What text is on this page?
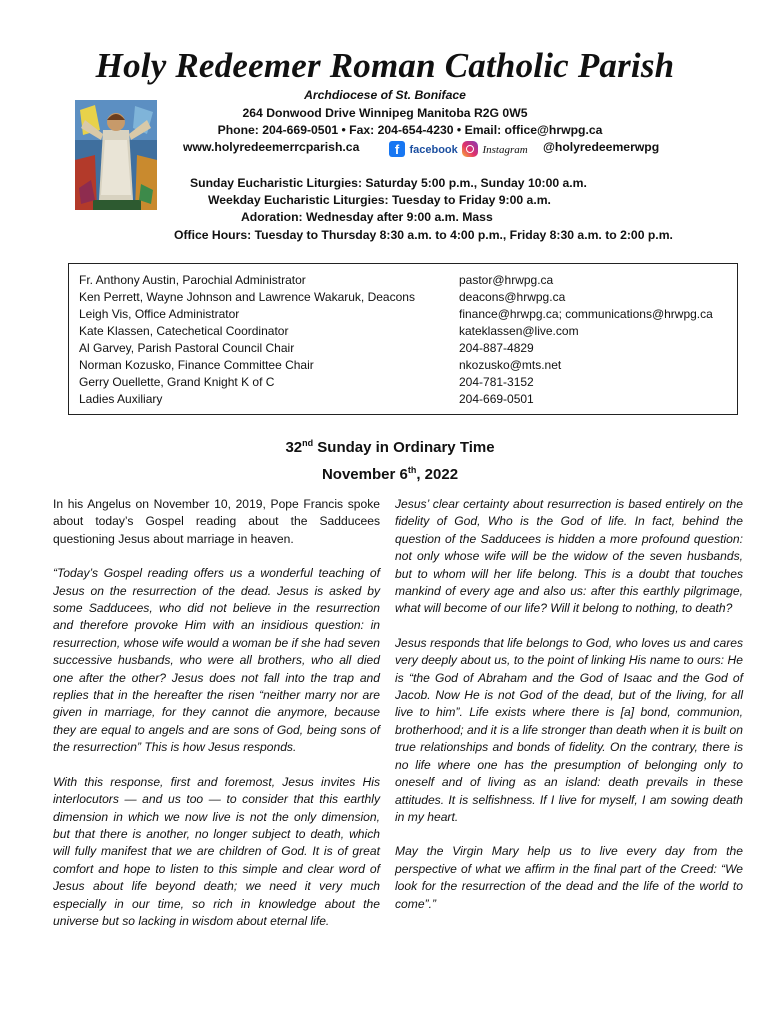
Holy Redeemer Roman Catholic Parish
Archdiocese of St. Boniface
264 Donwood Drive Winnipeg Manitoba R2G 0W5
Phone: 204-669-0501 • Fax: 204-654-4230 • Email: office@hrwpg.ca
www.holyredeemerrcparish.ca	f facebook	Instagram @holyredeemerwpg
Sunday Eucharistic Liturgies: Saturday 5:00 p.m., Sunday 10:00 a.m.
Weekday Eucharistic Liturgies: Tuesday to Friday 9:00 a.m.
Adoration: Wednesday after 9:00 a.m. Mass
Office Hours: Tuesday to Thursday 8:30 a.m. to 4:00 p.m., Friday 8:30 a.m. to 2:00 p.m.
Fr. Anthony Austin, Parochial Administrator	pastor@hrwpg.ca
Ken Perrett, Wayne Johnson and Lawrence Wakaruk, Deacons	deacons@hrwpg.ca
Leigh Vis, Office Administrator	finance@hrwpg.ca; communications@hrwpg.ca
Kate Klassen, Catechetical Coordinator	kateklassen@live.com
Al Garvey, Parish Pastoral Council Chair	204-887-4829
Norman Kozusko, Finance Committee Chair	nkozusko@mts.net
Gerry Ouellette, Grand Knight K of C	204-781-3152
Ladies Auxiliary	204-669-0501
32nd Sunday in Ordinary Time
November 6th, 2022

In his Angelus on November 10, 2019, Pope Francis spoke about today’s Gospel reading about the Sadducees questioning Jesus about marriage in heaven.

“Today’s Gospel reading offers us a wonderful teaching of Jesus on the resurrection of the dead. Jesus is asked by some Sadducees, who did not believe in the resurrection and therefore provoke Him with an insidious question: in resurrection, whose wife would a woman be if she had seven successive husbands, who were all brothers, who all died one after the other? Jesus does not fall into the trap and replies that in the hereafter the risen “neither marry nor are given in marriage, for they cannot die anymore, because they are equal to angels and are sons of God, being sons of the resurrection” This is how Jesus responds.

With this response, first and foremost, Jesus invites His interlocutors — and us too — to consider that this earthly dimension in which we now live is not the only dimension, but that there is another, no longer subject to death, which will fully manifest that we are children of God. It is of great comfort and hope to listen to this simple and clear word of Jesus about life beyond death; we need it very much especially in our time, so rich in knowledge about the universe but so lacking in wisdom about eternal life.

Jesus’ clear certainty about resurrection is based entirely on the fidelity of God, Who is the God of life. In fact, behind the question of the Sadducees is hidden a more profound question: not only whose wife will be the widow of the seven husbands, but to whom will her life belong. This is a doubt that touches mankind of every age and also us: after this earthly pilgrimage, what will become of our life? Will it belong to nothing, to death?

Jesus responds that life belongs to God, who loves us and cares very deeply about us, to the point of linking His name to ours: He is “the God of Abraham and the God of Isaac and the God of Jacob. Now He is not God of the dead, but of the living, for all live to him”. Life exists where there is [a] bond, communion, brotherhood; and it is a life stronger than death when it is built on true relationships and bonds of fidelity. On the contrary, there is no life where one has the presumption of belonging only to oneself and of living as an island: death prevails in these attitudes. It is selfishness. If I live for myself, I am sowing death in my heart.

May the Virgin Mary help us to live every day from the perspective of what we affirm in the final part of the Creed: “We look for the resurrection of the dead and the life of the world to come”.”
